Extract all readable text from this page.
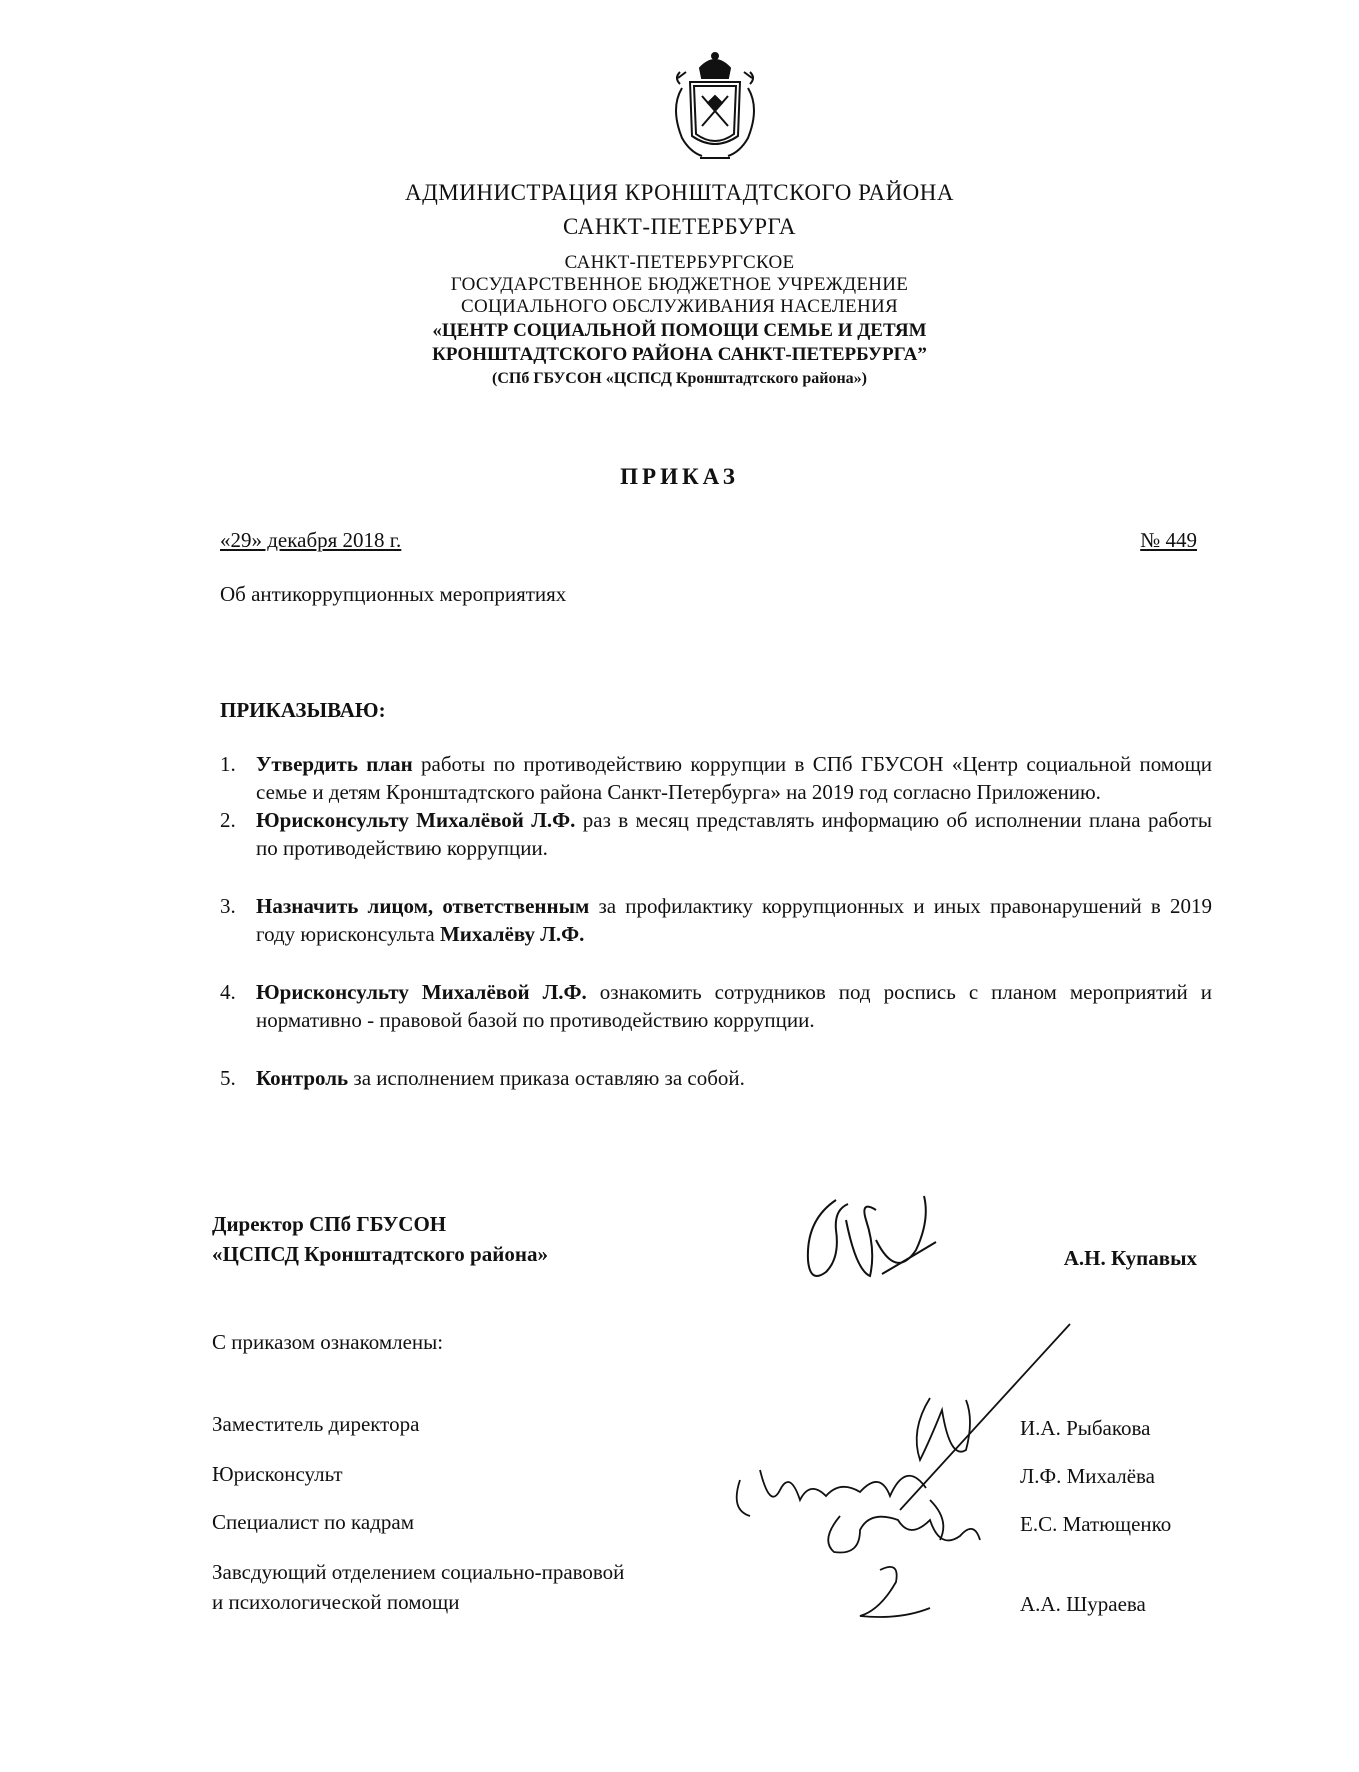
АДМИНИСТРАЦИЯ КРОНШТАДТСКОГО РАЙОНА
САНКТ-ПЕТЕРБУРГА
САНКТ-ПЕТЕРБУРГСКОЕ
ГОСУДАРСТВЕННОЕ БЮДЖЕТНОЕ УЧРЕЖДЕНИЕ
СОЦИАЛЬНОГО ОБСЛУЖИВАНИЯ НАСЕЛЕНИЯ
«ЦЕНТР СОЦИАЛЬНОЙ ПОМОЩИ СЕМЬЕ И ДЕТЯМ
КРОНШТАДТСКОГО РАЙОНА САНКТ-ПЕТЕРБУРГА”
(СПб ГБУСОН «ЦСПСД Кронштадтского района»)
ПРИКАЗ
«29» декабря 2018 г.	№ 449
Об антикоррупционных мероприятиях
ПРИКАЗЫВАЮ:
1. Утвердить план работы по противодействию коррупции в СПб ГБУСОН «Центр социальной помощи семье и детям Кронштадтского района Санкт-Петербурга» на 2019 год согласно Приложению.
2. Юрисконсульту Михалёвой Л.Ф. раз в месяц представлять информацию об исполнении плана работы по противодействию коррупции.
3. Назначить лицом, ответственным за профилактику коррупционных и иных правонарушений в 2019 году юрисконсульта Михалёву Л.Ф.
4. Юрисконсульту Михалёвой Л.Ф. ознакомить сотрудников под роспись с планом мероприятий и нормативно - правовой базой по противодействию коррупции.
5. Контроль за исполнением приказа оставляю за собой.
Директор СПб ГБУСОН
«ЦСПСД Кронштадтского района»	А.Н. Купавых
С приказом ознакомлены:
Заместитель директора	И.А. Рыбакова
Юрисконсульт	Л.Ф. Михалёва
Специалист по кадрам	Е.С. Матющенко
Завсдующий отделением социально-правовой
и психологической помощи	А.А. Шураева
